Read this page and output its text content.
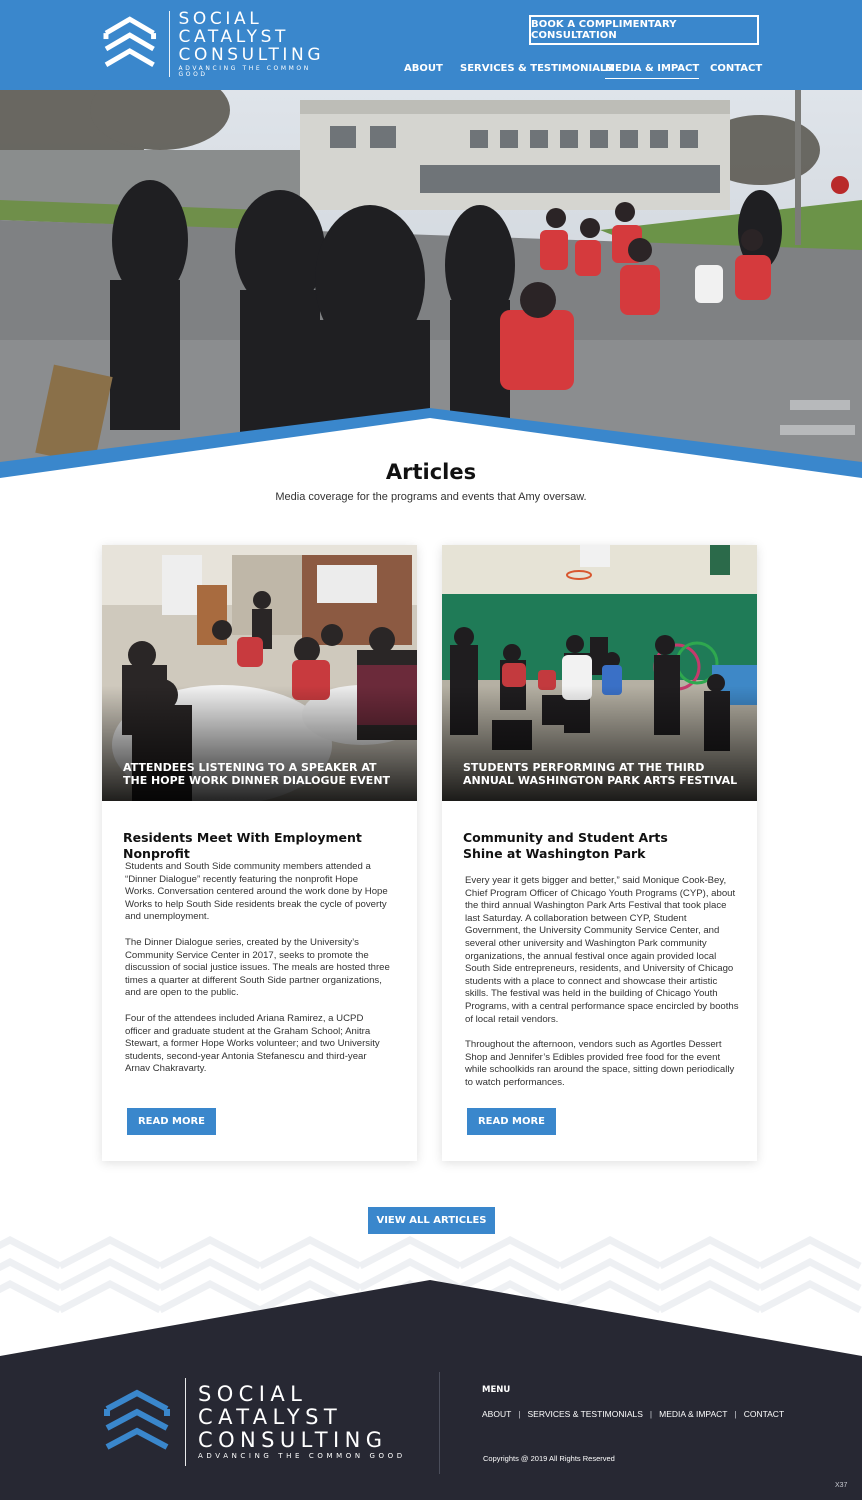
SOCIAL
CATALYST
CONSULTING
ADVANCING THE COMMON GOOD
BOOK A COMPLIMENTARY CONSULTATION
ABOUT SERVICES & TESTIMONIALS
MEDIA & IMPACT CONTACT
Articles
Media coverage for the programs and events that Amy oversaw.
ATTENDEES LISTENING TO A SPEAKER AT THE HOPE WORK DINNER DIALOGUE EVENT
Residents Meet With Employment Nonprofit

Students and South Side community members attended a “Dinner Dialogue” recently featuring the nonprofit Hope Works. Conversation centered around the work done by Hope Works to help South Side residents break the cycle of poverty and unemployment.

The Dinner Dialogue series, created by the University’s Community Service Center in 2017, seeks to promote the discussion of social justice issues. The meals are hosted three times a quarter at different South Side partner organizations, and are open to the public.

Four of the attendees included Ariana Ramirez, a UCPD officer and graduate student at the Graham School; Anitra Stewart, a former Hope Works volunteer; and two University students, second-year Antonia Stefanescu and third-year Arnav Chakravarty.

READ MORE
STUDENTS PERFORMING AT THE THIRD ANNUAL WASHINGTON PARK ARTS FESTIVAL
Community and Student Arts Shine at Washington Park

Every year it gets bigger and better,” said Monique Cook-Bey, Chief Program Officer of Chicago Youth Programs (CYP), about the third annual Washington Park Arts Festival that took place last Saturday. A collaboration between CYP, Student Government, the University Community Service Center, and several other university and Washington Park community organizations, the annual festival once again provided local South Side entrepreneurs, residents, and University of Chicago students with a place to connect and showcase their artistic skills. The festival was held in the building of Chicago Youth Programs, with a central performance space encircled by booths of local retail vendors.

Throughout the afternoon, vendors such as Agortles Dessert Shop and Jennifer’s Edibles provided free food for the event while schoolkids ran around the space, sitting down periodically to watch performances.

READ MORE
VIEW ALL ARTICLES
SOCIAL
CATALYST
CONSULTING
ADVANCING THE COMMON GOOD
MENU
ABOUT | SERVICES & TESTIMONIALS | MEDIA & IMPACT | CONTACT
Copyrights @ 2019 All Rights Reserved
X37
